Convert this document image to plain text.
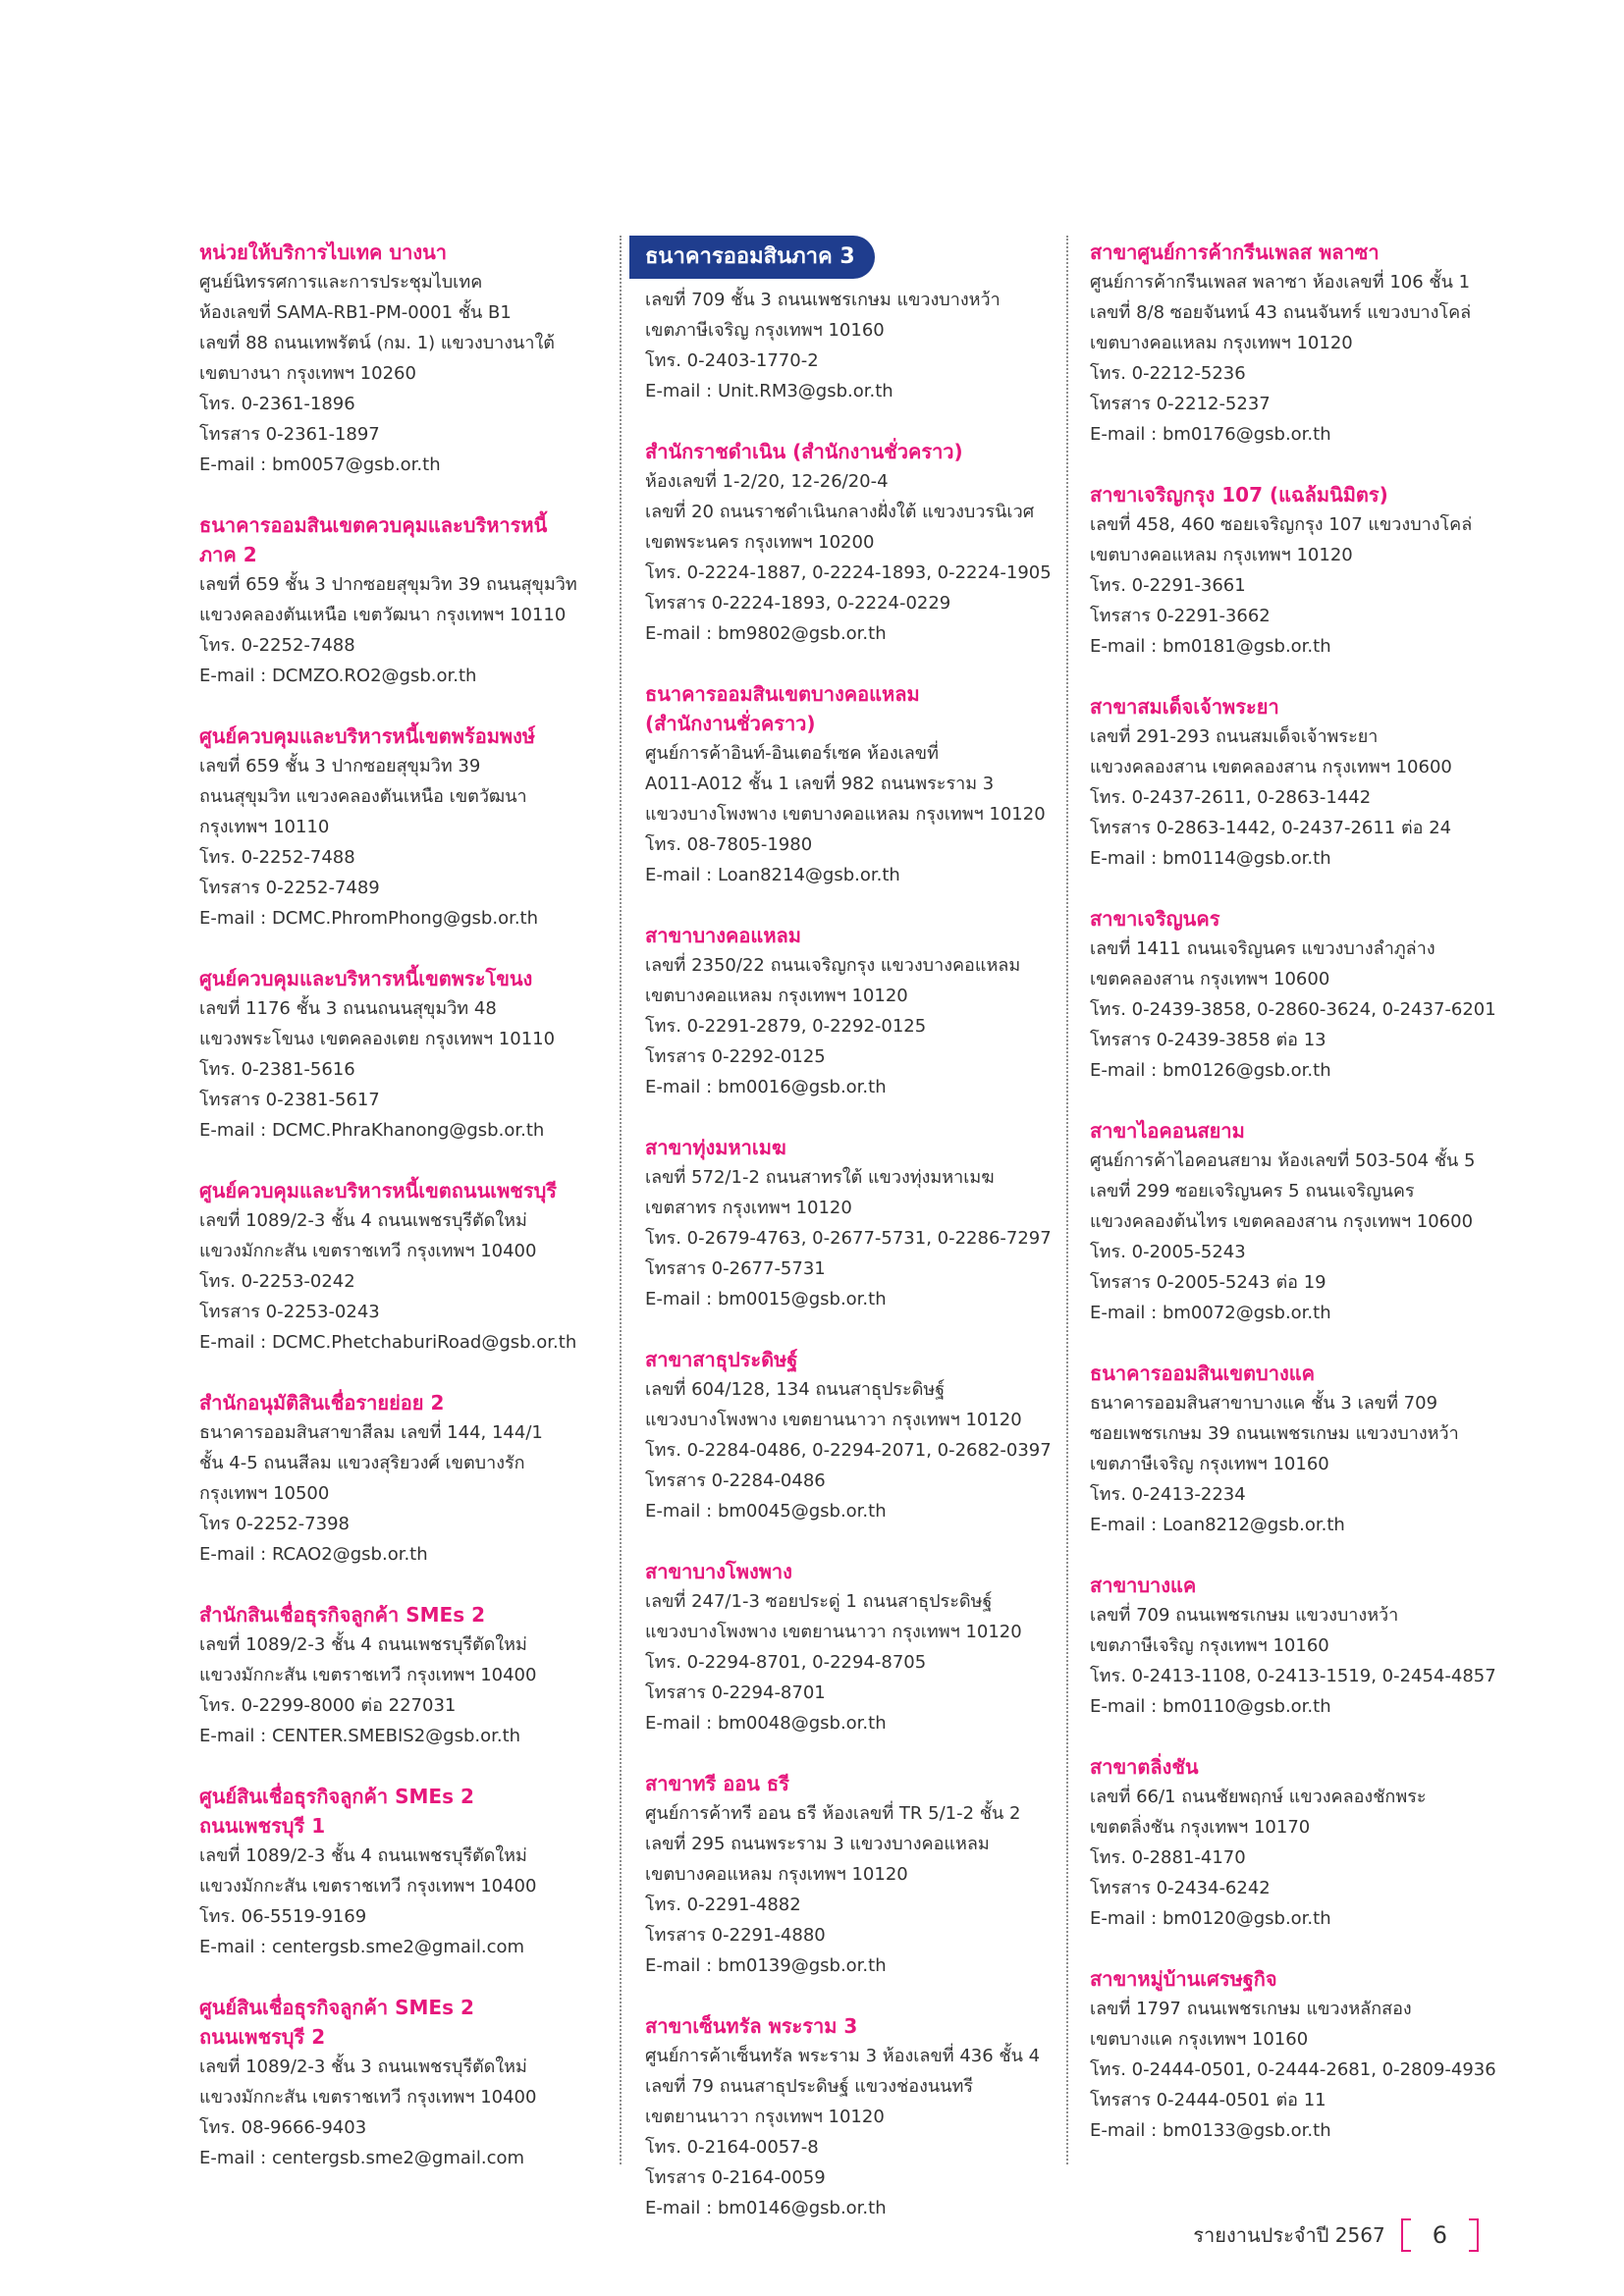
หน่วยให้บริการไบเทค บางนา
ศูนย์นิทรรศการและการประชุมไบเทค
ห้องเลขที่ SAMA-RB1-PM-0001 ชั้น B1
เลขที่ 88 ถนนเทพรัตน์ (กม. 1) แขวงบางนาใต้
เขตบางนา กรุงเทพฯ 10260
โทร. 0-2361-1896
โทรสาร 0-2361-1897
E-mail : bm0057@gsb.or.th
ธนาคารออมสินเขตควบคุมและบริหารหนี้
ภาค 2
เลขที่ 659 ชั้น 3 ปากซอยสุขุมวิท 39 ถนนสุขุมวิท
แขวงคลองตันเหนือ เขตวัฒนา กรุงเทพฯ 10110
โทร. 0-2252-7488
E-mail : DCMZO.RO2@gsb.or.th
ศูนย์ควบคุมและบริหารหนี้เขตพร้อมพงษ์
เลขที่ 659 ชั้น 3 ปากซอยสุขุมวิท 39
ถนนสุขุมวิท แขวงคลองตันเหนือ เขตวัฒนา
กรุงเทพฯ 10110
โทร. 0-2252-7488
โทรสาร 0-2252-7489
E-mail : DCMC.PhromPhong@gsb.or.th
ศูนย์ควบคุมและบริหารหนี้เขตพระโขนง
เลขที่ 1176 ชั้น 3 ถนนถนนสุขุมวิท 48
แขวงพระโขนง เขตคลองเตย กรุงเทพฯ 10110
โทร. 0-2381-5616
โทรสาร 0-2381-5617
E-mail : DCMC.PhraKhanong@gsb.or.th
ศูนย์ควบคุมและบริหารหนี้เขตถนนเพชรบุรี
เลขที่ 1089/2-3 ชั้น 4 ถนนเพชรบุรีตัดใหม่
แขวงมักกะสัน เขตราชเทวี กรุงเทพฯ 10400
โทร. 0-2253-0242
โทรสาร 0-2253-0243
E-mail : DCMC.PhetchaburiRoad@gsb.or.th
สำนักอนุมัติสินเชื่อรายย่อย 2
ธนาคารออมสินสาขาสีลม เลขที่ 144, 144/1
ชั้น 4-5 ถนนสีลม แขวงสุริยวงศ์ เขตบางรัก
กรุงเทพฯ 10500
โทร 0-2252-7398
E-mail : RCAO2@gsb.or.th
สำนักสินเชื่อธุรกิจลูกค้า SMEs 2
เลขที่ 1089/2-3 ชั้น 4 ถนนเพชรบุรีตัดใหม่
แขวงมักกะสัน เขตราชเทวี กรุงเทพฯ 10400
โทร. 0-2299-8000 ต่อ 227031
E-mail : CENTER.SMEBIS2@gsb.or.th
ศูนย์สินเชื่อธุรกิจลูกค้า SMEs 2
ถนนเพชรบุรี 1
เลขที่ 1089/2-3 ชั้น 4 ถนนเพชรบุรีตัดใหม่
แขวงมักกะสัน เขตราชเทวี กรุงเทพฯ 10400
โทร. 06-5519-9169
E-mail : centergsb.sme2@gmail.com
ศูนย์สินเชื่อธุรกิจลูกค้า SMEs 2
ถนนเพชรบุรี 2
เลขที่ 1089/2-3 ชั้น 3 ถนนเพชรบุรีตัดใหม่
แขวงมักกะสัน เขตราชเทวี กรุงเทพฯ 10400
โทร. 08-9666-9403
E-mail : centergsb.sme2@gmail.com
ธนาคารออมสินภาค 3
เลขที่ 709 ชั้น 3 ถนนเพชรเกษม แขวงบางหว้า
เขตภาษีเจริญ กรุงเทพฯ 10160
โทร. 0-2403-1770-2
E-mail : Unit.RM3@gsb.or.th
สำนักราชดำเนิน (สำนักงานชั่วคราว)
ห้องเลขที่ 1-2/20, 12-26/20-4
เลขที่ 20 ถนนราชดำเนินกลางฝั่งใต้ แขวงบวรนิเวศ
เขตพระนคร กรุงเทพฯ 10200
โทร. 0-2224-1887, 0-2224-1893, 0-2224-1905
โทรสาร 0-2224-1893, 0-2224-0229
E-mail : bm9802@gsb.or.th
ธนาคารออมสินเขตบางคอแหลม
(สำนักงานชั่วคราว)
ศูนย์การค้าอินท์-อินเตอร์เซค ห้องเลขที่
A011-A012 ชั้น 1 เลขที่ 982 ถนนพระราม 3
แขวงบางโพงพาง เขตบางคอแหลม กรุงเทพฯ 10120
โทร. 08-7805-1980
E-mail : Loan8214@gsb.or.th
สาขาบางคอแหลม
เลขที่ 2350/22 ถนนเจริญกรุง แขวงบางคอแหลม
เขตบางคอแหลม กรุงเทพฯ 10120
โทร. 0-2291-2879, 0-2292-0125
โทรสาร 0-2292-0125
E-mail : bm0016@gsb.or.th
สาขาทุ่งมหาเมฆ
เลขที่ 572/1-2 ถนนสาทรใต้ แขวงทุ่งมหาเมฆ
เขตสาทร กรุงเทพฯ 10120
โทร. 0-2679-4763, 0-2677-5731, 0-2286-7297
โทรสาร 0-2677-5731
E-mail : bm0015@gsb.or.th
สาขาสาธุประดิษฐ์
เลขที่ 604/128, 134 ถนนสาธุประดิษฐ์
แขวงบางโพงพาง เขตยานนาวา กรุงเทพฯ 10120
โทร. 0-2284-0486, 0-2294-2071, 0-2682-0397
โทรสาร 0-2284-0486
E-mail : bm0045@gsb.or.th
สาขาบางโพงพาง
เลขที่ 247/1-3 ซอยประดู่ 1 ถนนสาธุประดิษฐ์
แขวงบางโพงพาง เขตยานนาวา กรุงเทพฯ 10120
โทร. 0-2294-8701, 0-2294-8705
โทรสาร 0-2294-8701
E-mail : bm0048@gsb.or.th
สาขาทรี ออน ธรี
ศูนย์การค้าทรี ออน ธรี ห้องเลขที่ TR 5/1-2 ชั้น 2
เลขที่ 295 ถนนพระราม 3 แขวงบางคอแหลม
เขตบางคอแหลม กรุงเทพฯ 10120
โทร. 0-2291-4882
โทรสาร 0-2291-4880
E-mail : bm0139@gsb.or.th
สาขาเซ็นทรัล พระราม 3
ศูนย์การค้าเซ็นทรัล พระราม 3 ห้องเลขที่ 436 ชั้น 4
เลขที่ 79 ถนนสาธุประดิษฐ์ แขวงช่องนนทรี
เขตยานนาวา กรุงเทพฯ 10120
โทร. 0-2164-0057-8
โทรสาร 0-2164-0059
E-mail : bm0146@gsb.or.th
สาขาศูนย์การค้ากรีนเพลส พลาซา
ศูนย์การค้ากรีนเพลส พลาซา ห้องเลขที่ 106 ชั้น 1
เลขที่ 8/8 ซอยจันทน์ 43 ถนนจันทร์ แขวงบางโคล่
เขตบางคอแหลม กรุงเทพฯ 10120
โทร. 0-2212-5236
โทรสาร 0-2212-5237
E-mail : bm0176@gsb.or.th
สาขาเจริญกรุง 107 (แฉล้มนิมิตร)
เลขที่ 458, 460 ซอยเจริญกรุง 107 แขวงบางโคล่
เขตบางคอแหลม กรุงเทพฯ 10120
โทร. 0-2291-3661
โทรสาร 0-2291-3662
E-mail : bm0181@gsb.or.th
สาขาสมเด็จเจ้าพระยา
เลขที่ 291-293 ถนนสมเด็จเจ้าพระยา
แขวงคลองสาน เขตคลองสาน กรุงเทพฯ 10600
โทร. 0-2437-2611, 0-2863-1442
โทรสาร 0-2863-1442, 0-2437-2611 ต่อ 24
E-mail : bm0114@gsb.or.th
สาขาเจริญนคร
เลขที่ 1411 ถนนเจริญนคร แขวงบางลำภูล่าง
เขตคลองสาน กรุงเทพฯ 10600
โทร. 0-2439-3858, 0-2860-3624, 0-2437-6201
โทรสาร 0-2439-3858 ต่อ 13
E-mail : bm0126@gsb.or.th
สาขาไอคอนสยาม
ศูนย์การค้าไอคอนสยาม ห้องเลขที่ 503-504 ชั้น 5
เลขที่ 299 ซอยเจริญนคร 5 ถนนเจริญนคร
แขวงคลองต้นไทร เขตคลองสาน กรุงเทพฯ 10600
โทร. 0-2005-5243
โทรสาร 0-2005-5243 ต่อ 19
E-mail : bm0072@gsb.or.th
ธนาคารออมสินเขตบางแค
ธนาคารออมสินสาขาบางแค ชั้น 3 เลขที่ 709
ซอยเพชรเกษม 39 ถนนเพชรเกษม แขวงบางหว้า
เขตภาษีเจริญ กรุงเทพฯ 10160
โทร. 0-2413-2234
E-mail : Loan8212@gsb.or.th
สาขาบางแค
เลขที่ 709 ถนนเพชรเกษม แขวงบางหว้า
เขตภาษีเจริญ กรุงเทพฯ 10160
โทร. 0-2413-1108, 0-2413-1519, 0-2454-4857
E-mail : bm0110@gsb.or.th
สาขาตลิ่งชัน
เลขที่ 66/1 ถนนชัยพฤกษ์ แขวงคลองชักพระ
เขตตลิ่งชัน กรุงเทพฯ 10170
โทร. 0-2881-4170
โทรสาร 0-2434-6242
E-mail : bm0120@gsb.or.th
สาขาหมู่บ้านเศรษฐกิจ
เลขที่ 1797 ถนนเพชรเกษม แขวงหลักสอง
เขตบางแค กรุงเทพฯ 10160
โทร. 0-2444-0501, 0-2444-2681, 0-2809-4936
โทรสาร 0-2444-0501 ต่อ 11
E-mail : bm0133@gsb.or.th
รายงานประจำปี 2567	6
